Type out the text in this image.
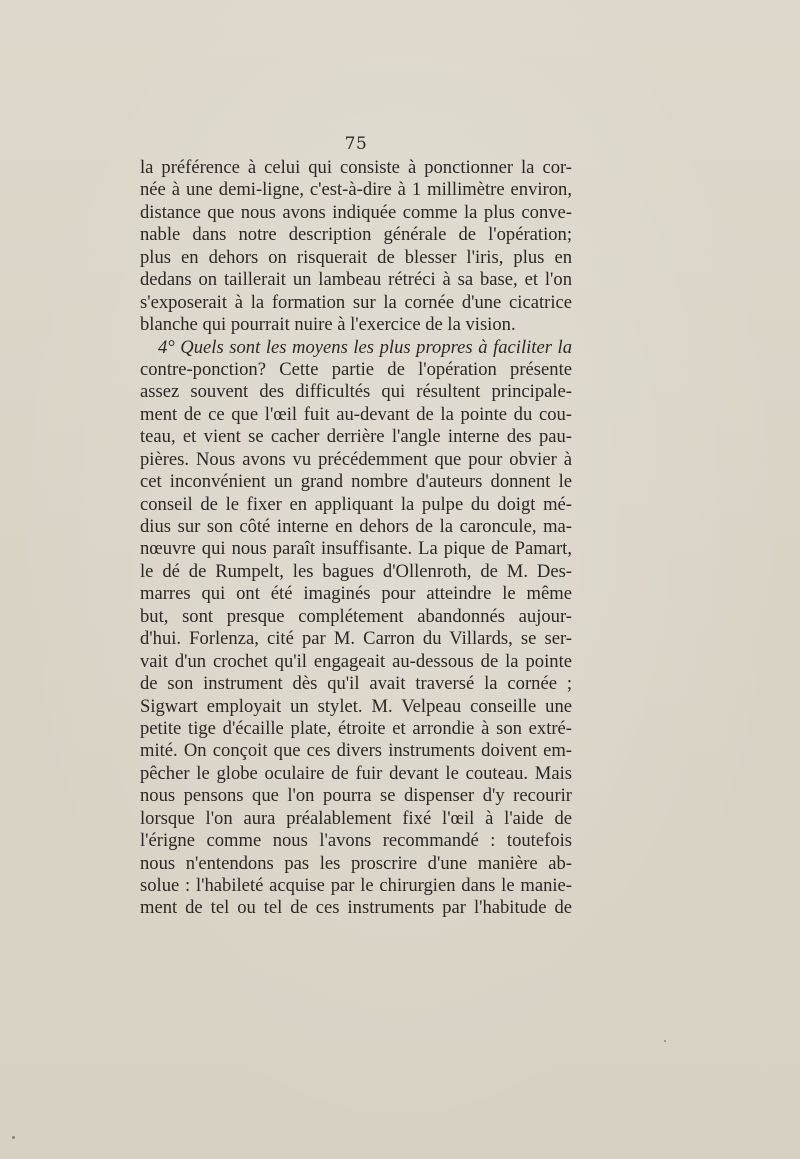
75
la préférence à celui qui consiste à ponctionner la cor-
née à une demi-ligne, c'est-à-dire à 1 millimètre environ,
distance que nous avons indiquée comme la plus conve-
nable dans notre description générale de l'opération;
plus en dehors on risquerait de blesser l'iris, plus en
dedans on taillerait un lambeau rétréci à sa base, et l'on
s'exposerait à la formation sur la cornée d'une cicatrice
blanche qui pourrait nuire à l'exercice de la vision.
4° Quels sont les moyens les plus propres à faciliter la
contre-ponction? Cette partie de l'opération présente
assez souvent des difficultés qui résultent principale-
ment de ce que l'œil fuit au-devant de la pointe du cou-
teau, et vient se cacher derrière l'angle interne des pau-
pières. Nous avons vu précédemment que pour obvier à
cet inconvénient un grand nombre d'auteurs donnent le
conseil de le fixer en appliquant la pulpe du doigt mé-
dius sur son côté interne en dehors de la caroncule, ma-
nœuvre qui nous paraît insuffisante. La pique de Pamart,
le dé de Rumpelt, les bagues d'Ollenroth, de M. Des-
marres qui ont été imaginés pour atteindre le même
but, sont presque complétement abandonnés aujour-
d'hui. Forlenza, cité par M. Carron du Villards, se ser-
vait d'un crochet qu'il engageait au-dessous de la pointe
de son instrument dès qu'il avait traversé la cornée ;
Sigwart employait un stylet. M. Velpeau conseille une
petite tige d'écaille plate, étroite et arrondie à son extré-
mité. On conçoit que ces divers instruments doivent em-
pêcher le globe oculaire de fuir devant le couteau. Mais
nous pensons que l'on pourra se dispenser d'y recourir
lorsque l'on aura préalablement fixé l'œil à l'aide de
l'érigne comme nous l'avons recommandé : toutefois
nous n'entendons pas les proscrire d'une manière ab-
solue : l'habileté acquise par le chirurgien dans le manie-
ment de tel ou tel de ces instruments par l'habitude de
